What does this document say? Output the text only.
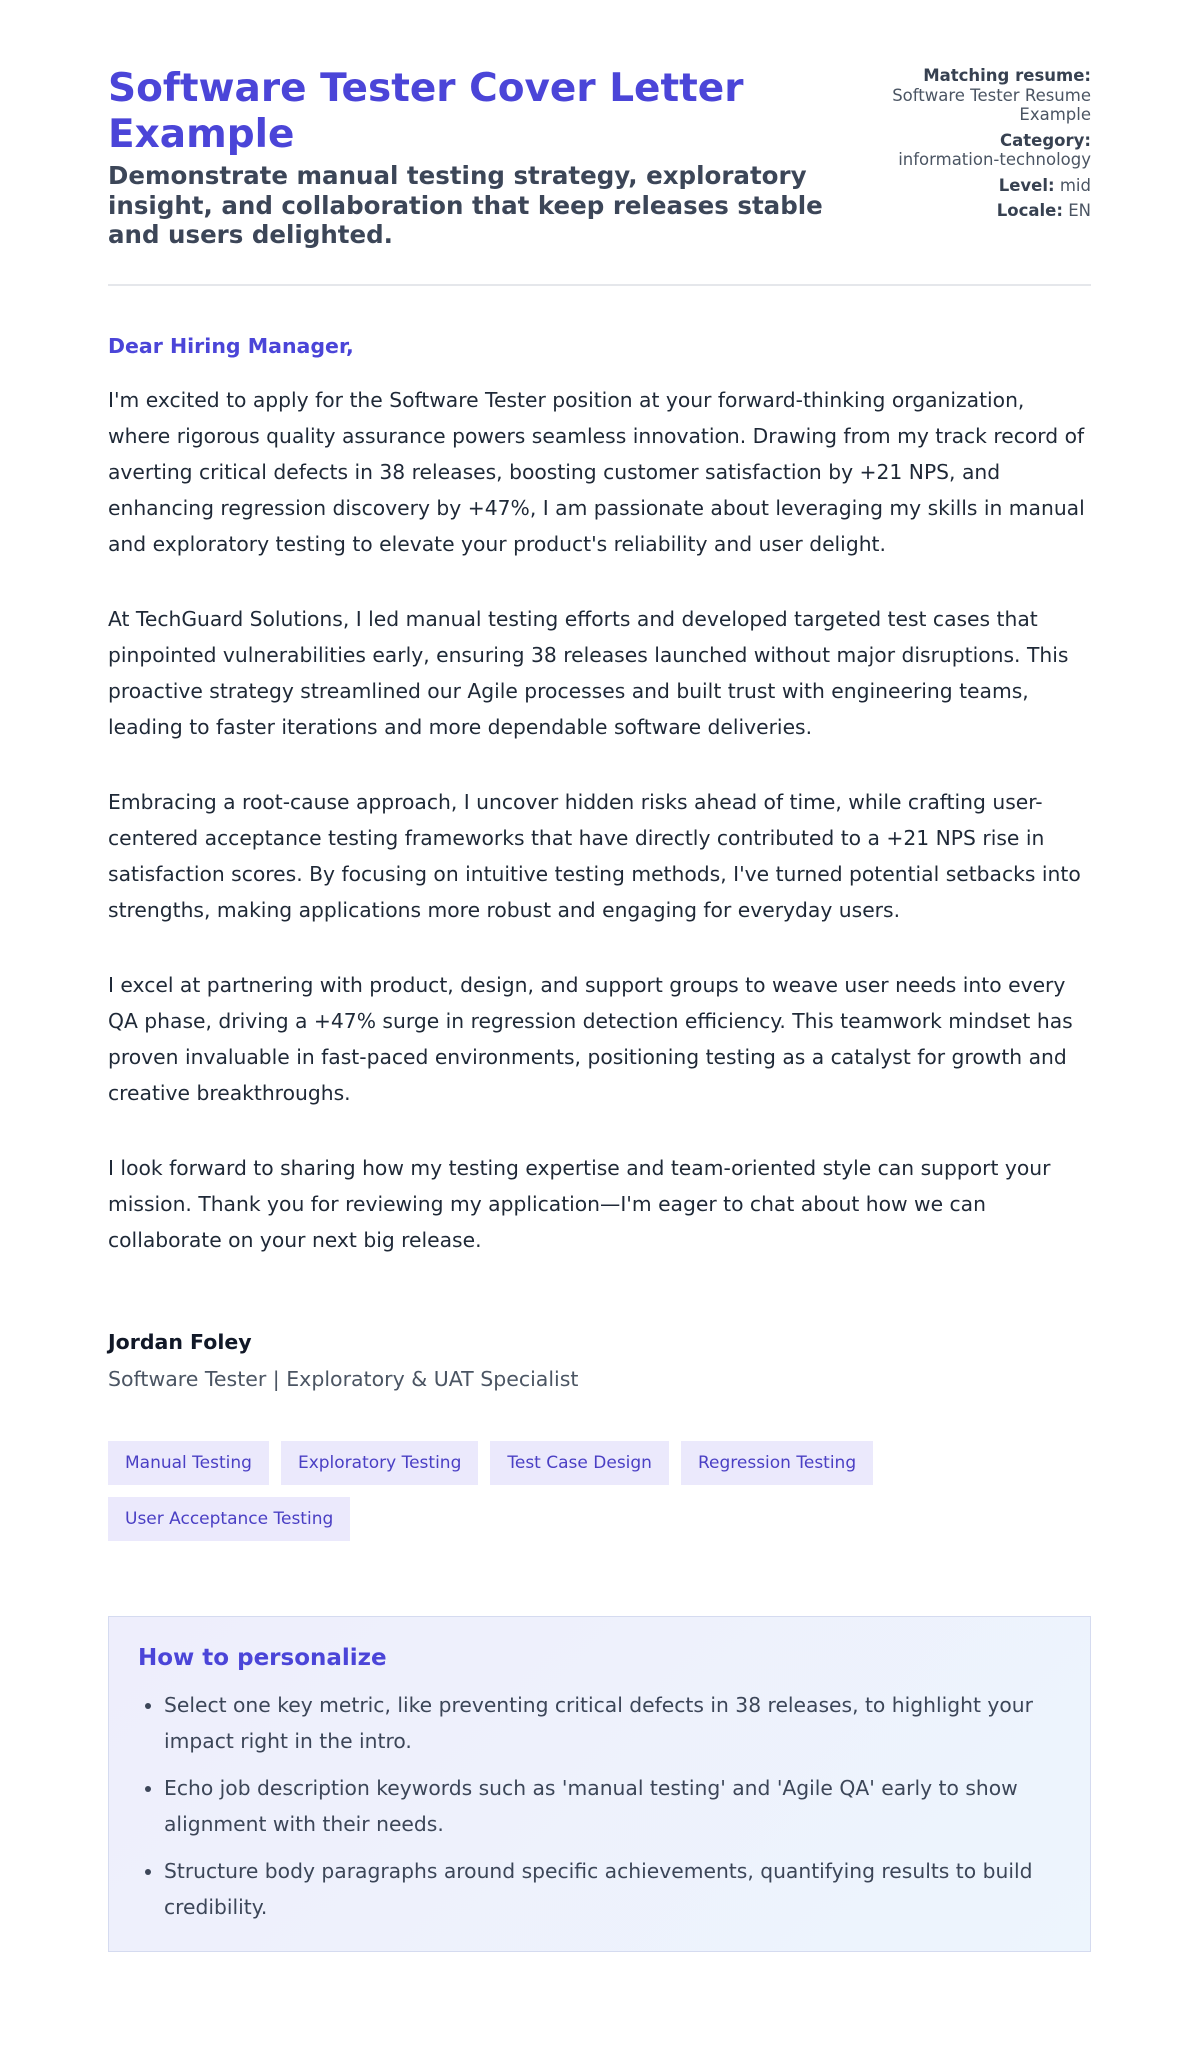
Software Tester Cover Letter Example

Demonstrate manual testing strategy, exploratory insight, and collaboration that keep releases stable and users delighted.

Matching resume:
Software Tester Resume Example
Category:
information-technology
Level: mid
Locale: EN
Dear Hiring Manager,

I'm excited to apply for the Software Tester position at your forward-thinking organization, where rigorous quality assurance powers seamless innovation. Drawing from my track record of averting critical defects in 38 releases, boosting customer satisfaction by +21 NPS, and enhancing regression discovery by +47%, I am passionate about leveraging my skills in manual and exploratory testing to elevate your product's reliability and user delight.

At TechGuard Solutions, I led manual testing efforts and developed targeted test cases that pinpointed vulnerabilities early, ensuring 38 releases launched without major disruptions. This proactive strategy streamlined our Agile processes and built trust with engineering teams, leading to faster iterations and more dependable software deliveries.

Embracing a root-cause approach, I uncover hidden risks ahead of time, while crafting user-centered acceptance testing frameworks that have directly contributed to a +21 NPS rise in satisfaction scores. By focusing on intuitive testing methods, I've turned potential setbacks into strengths, making applications more robust and engaging for everyday users.

I excel at partnering with product, design, and support groups to weave user needs into every QA phase, driving a +47% surge in regression detection efficiency. This teamwork mindset has proven invaluable in fast-paced environments, positioning testing as a catalyst for growth and creative breakthroughs.

I look forward to sharing how my testing expertise and team-oriented style can support your mission. Thank you for reviewing my application—I'm eager to chat about how we can collaborate on your next big release.

Jordan Foley
Software Tester | Exploratory & UAT Specialist
Manual Testing	Exploratory Testing	Test Case Design	Regression Testing
User Acceptance Testing
How to personalize
• Select one key metric, like preventing critical defects in 38 releases, to highlight your impact right in the intro.
• Echo job description keywords such as 'manual testing' and 'Agile QA' early to show alignment with their needs.
• Structure body paragraphs around specific achievements, quantifying results to build credibility.
